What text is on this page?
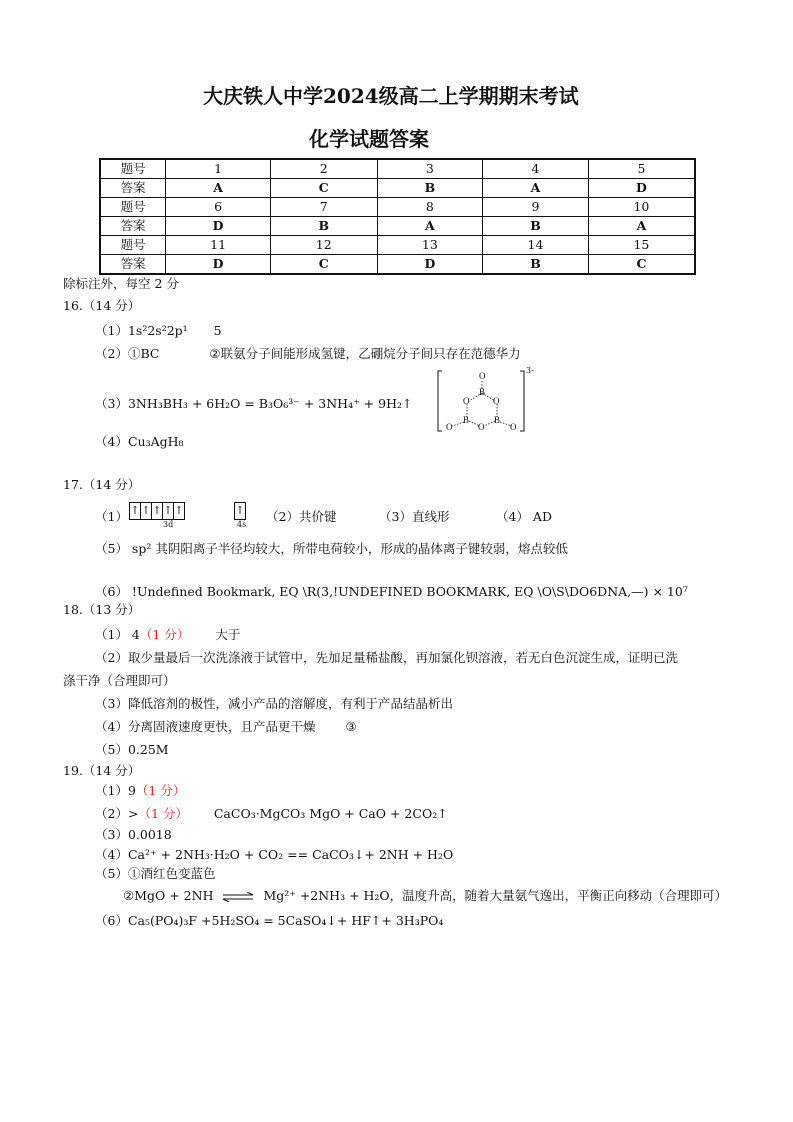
大庆铁人中学2024级高二上学期期末考试
化学试题答案
题号	1	2	3	4	5
答案	A	C	B	A	D
题号	6	7	8	9	10
答案	D	B	A	B	A
题号	11	12	13	14	15
答案	D	C	D	B	C
除标注外，每空 2 分
16.（14 分）
（1）1s²2s²2p¹ 5
（2）①BC	②联氨分子间能形成氢键，乙硼烷分子间只存在范德华力
（3）3NH₃BH₃ + 6H₂O = B₃O₆³⁻ + 3NH₄⁺ + 9H₂↑
O
B
O	O
B	B
O
O	O
3-
（4）Cu₃AgH₈
17.（14 分）
（1） ↑ ↑ ↑ ↑ ↑
3d
↑
4s
（2）共价键	（3）直线形	（4） AD
（5） sp² 其阴阳离子半径均较大，所带电荷较小，形成的晶体离子键较弱，熔点较低
（6） !Undefined Bookmark, EQ \R(3,!UNDEFINED BOOKMARK, EQ \O\S\DO6DNA,—) × 10⁷
18.（13 分）
（1） 4（1 分） 大于
（2）取少量最后一次洗涤液于试管中，先加足量稀盐酸，再加氯化钡溶液，若无白色沉淀生成，证明已洗
涤干净（合理即可）
（3）降低溶剂的极性，减小产品的溶解度，有利于产品结晶析出
（4）分离固液速度更快，且产品更干燥 ③
（5）0.25M
19.（14 分）
（1）9（1 分）
（2）>（1 分） CaCO₃·MgCO₃ MgO + CaO + 2CO₂↑
（3）0.0018
（4）Ca²⁺ + 2NH₃·H₂O + CO₂ == CaCO₃↓+ 2NH + H₂O
（5）①酒红色变蓝色
②MgO + 2NH ⇌ Mg²⁺ +2NH₃ + H₂O，温度升高，随着大量氨气逸出，平衡正向移动（合理即可）
（6）Ca₅(PO₄)₃F +5H₂SO₄ = 5CaSO₄↓+ HF↑+ 3H₃PO₄
